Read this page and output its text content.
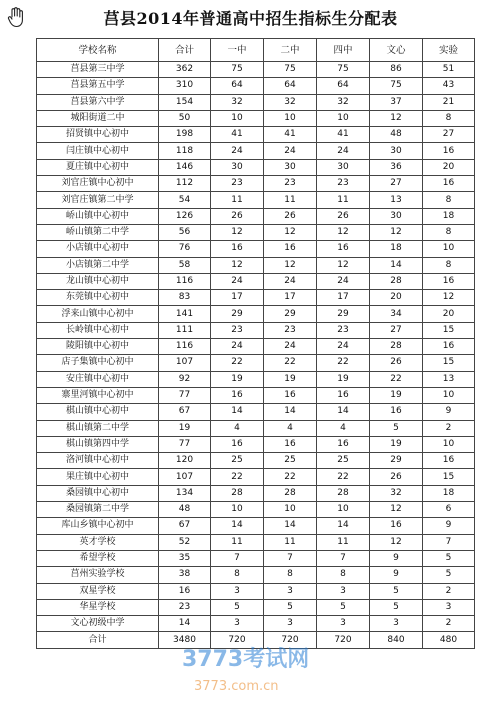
莒县2014年普通高中招生指标生分配表
学校名称	合计	一中	二中	四中	文心	实验
莒县第三中学	362	75	75	75	86	51
莒县第五中学	310	64	64	64	75	43
莒县第六中学	154	32	32	32	37	21
城阳街道二中	50	10	10	10	12	8
招贤镇中心初中	198	41	41	41	48	27
闫庄镇中心初中	118	24	24	24	30	16
夏庄镇中心初中	146	30	30	30	36	20
刘官庄镇中心初中	112	23	23	23	27	16
刘官庄镇第二中学	54	11	11	11	13	8
峤山镇中心初中	126	26	26	26	30	18
峤山镇第二中学	56	12	12	12	12	8
小店镇中心初中	76	16	16	16	18	10
小店镇第二中学	58	12	12	12	14	8
龙山镇中心初中	116	24	24	24	28	16
东莞镇中心初中	83	17	17	17	20	12
浮来山镇中心初中	141	29	29	29	34	20
长岭镇中心初中	111	23	23	23	27	15
陵阳镇中心初中	116	24	24	24	28	16
店子集镇中心初中	107	22	22	22	26	15
安庄镇中心初中	92	19	19	19	22	13
寨里河镇中心初中	77	16	16	16	19	10
棋山镇中心初中	67	14	14	14	16	9
棋山镇第二中学	19	4	4	4	5	2
棋山镇第四中学	77	16	16	16	19	10
洛河镇中心初中	120	25	25	25	29	16
果庄镇中心初中	107	22	22	22	26	15
桑园镇中心初中	134	28	28	28	32	18
桑园镇第二中学	48	10	10	10	12	6
库山乡镇中心初中	67	14	14	14	16	9
英才学校	52	11	11	11	12	7
希望学校	35	7	7	7	9	5
莒州实验学校	38	8	8	8	9	5
双星学校	16	3	3	3	5	2
华星学校	23	5	5	5	5	3
文心初级中学	14	3	3	3	3	2
合计	3480	720	720	720	840	480
3773考试网
3773.com.cn
